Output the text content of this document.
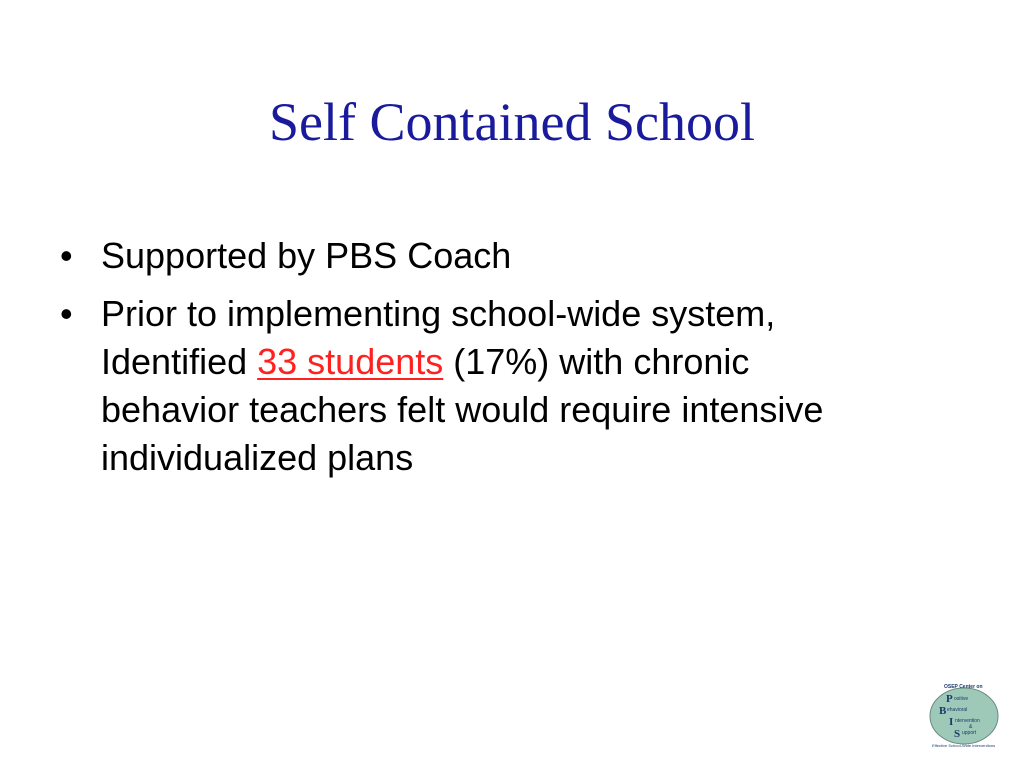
Self Contained School
• Supported by PBS Coach
• Prior to implementing school-wide system, Identified 33 students (17%) with chronic behavior teachers felt would require intensive individualized plans
OSEP Center on
P ositive
B ehavioral
I ntervention
&
S upport
Effective School-Wide Interventions
